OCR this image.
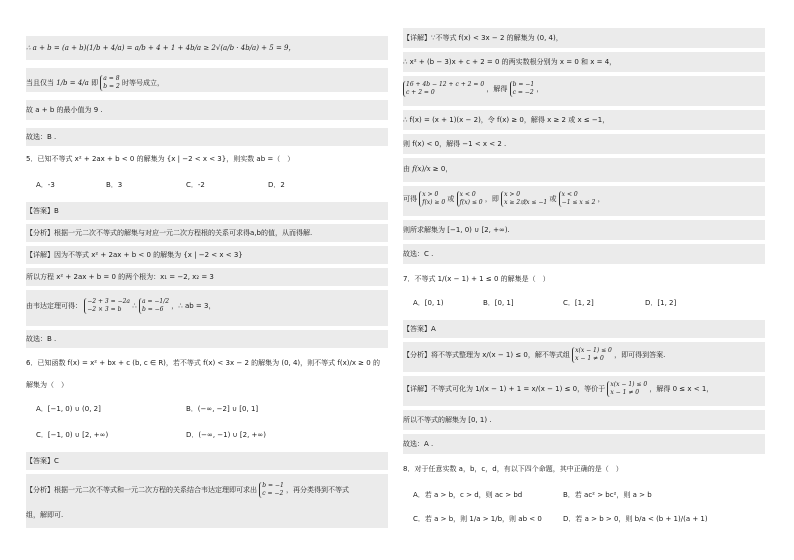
∴ a + b = (a + b)(1/b + 4/a) = a/b + 4 + 1 + 4b/a ≥ 2√(a/b · 4b/a) + 5 = 9，
当且仅当 1/b = 4/a 即
a = 8
b = 2 时等号成立，
故 a + b 的最小值为 9 .
故选：B .
5．已知不等式 x² + 2ax + b < 0 的解集为 {x | −2 < x < 3}，则实数 ab =（　）
A．-3	B．3	C．-2	D．2
【答案】B
【分析】根据一元二次不等式的解集与对应一元二次方程根的关系可求得a,b的值，从而得解.
【详解】因为不等式 x² + 2ax + b < 0 的解集为 {x | −2 < x < 3}
所以方程 x² + 2ax + b = 0 的两个根为：x₁ = −2, x₂ = 3
由韦达定理可得：
−2 + 3 = −2a
−2 × 3 = b	∴
a = −1/2
b = −6	，∴ ab = 3，
故选：B .
6．已知函数 f(x) = x² + bx + c (b, c ∈ R)，若不等式 f(x) < 3x − 2 的解集为 (0, 4)，则不等式 f(x)/x ≥ 0 的
解集为（　）
A．[−1, 0) ∪ (0, 2]	B．(−∞, −2] ∪ [0, 1]
C．[−1, 0) ∪ [2, +∞)	D．(−∞, −1) ∪ [2, +∞)
【答案】C
【分析】根据一元二次不等式和一元二次方程的关系结合韦达定理即可求出
b = −1
c = −2 ，再分类得到不等式
组，解即可.
【详解】∵不等式 f(x) < 3x − 2 的解集为 (0, 4)，
∴ x² + (b − 3)x + c + 2 = 0 的两实数根分别为 x = 0 和 x = 4，
16 + 4b − 12 + c + 2 = 0
c + 2 = 0	，解得
b = −1
c = −2 ，
∴ f(x) = (x + 1)(x − 2)，令 f(x) ≥ 0，解得 x ≥ 2 或 x ≤ −1，
则 f(x) < 0，解得 −1 < x < 2 .
由 f(x)/x ≥ 0，
可得
x > 0
f(x) ≥ 0 或
x < 0
f(x) ≤ 0 ，即
x > 0
x ≥ 2或x ≤ −1 或
x < 0
−1 ≤ x ≤ 2 ，
则所求解集为 [−1, 0) ∪ [2, +∞).
故选：C .
7．不等式 1/(x − 1) + 1 ≤ 0 的解集是（　）
A．[0, 1)	B．[0, 1]	C．[1, 2]	D．[1, 2]
【答案】A
【分析】将不等式整理为 x/(x − 1) ≤ 0，解不等式组
x(x − 1) ≤ 0
x − 1 ≠ 0	，即可得到答案.
【详解】不等式可化为 1/(x − 1) + 1 = x/(x − 1) ≤ 0，等价于
x(x − 1) ≤ 0
x − 1 ≠ 0	，解得 0 ≤ x < 1，
所以不等式的解集为 [0, 1) .
故选：A .
8．对于任意实数 a，b，c，d，有以下四个命题，其中正确的是（　）
A．若 a > b，c > d，则 ac > bd	B．若 ac² > bc²，则 a > b
C．若 a > b，则 1/a > 1/b，则 ab < 0	D．若 a > b > 0，则 b/a < (b + 1)/(a + 1)
